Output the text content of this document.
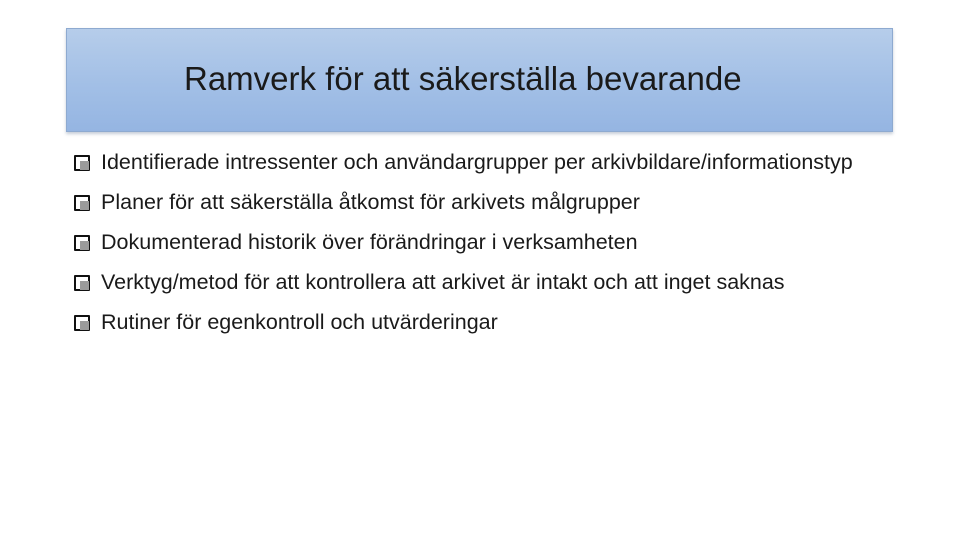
Ramverk för att säkerställa bevarande
Identifierade intressenter och användargrupper per arkivbildare/informationstyp
Planer för att säkerställa åtkomst för arkivets målgrupper
Dokumenterad historik över förändringar i verksamheten
Verktyg/metod för att kontrollera att arkivet är intakt och att inget saknas
Rutiner för egenkontroll och utvärderingar
